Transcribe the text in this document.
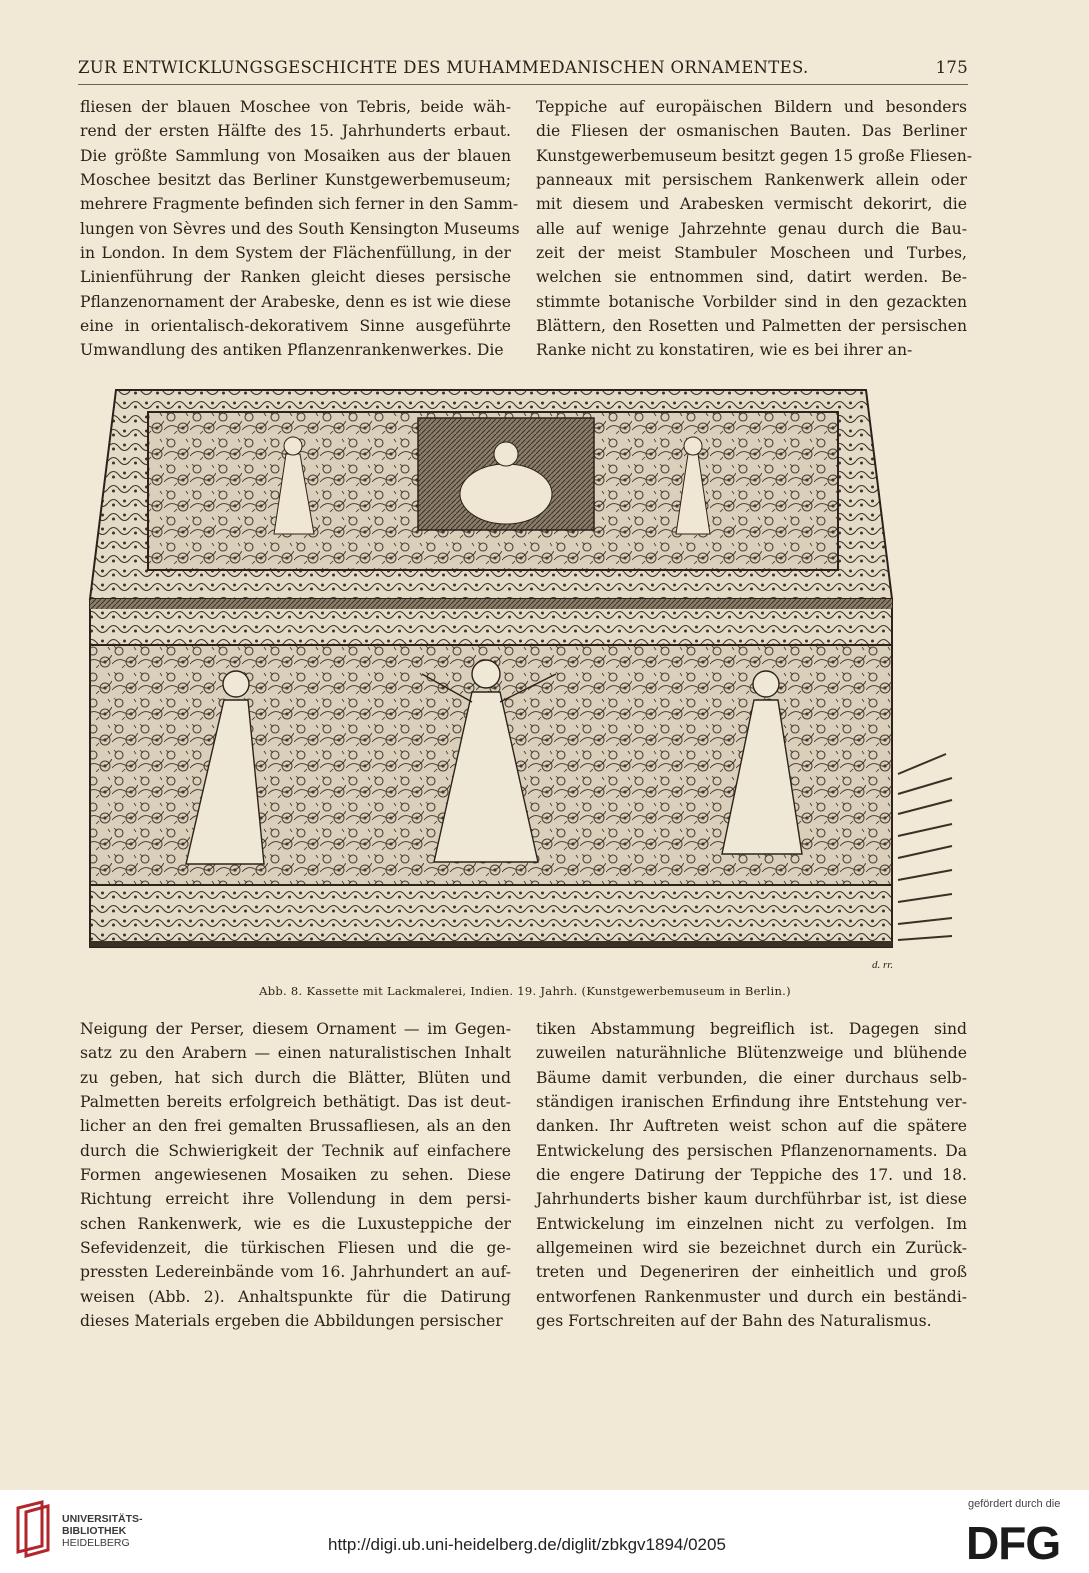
ZUR ENTWICKLUNGSGESCHICHTE DES MUHAMMEDANISCHEN ORNAMENTES.	175
fliesen der blauen Moschee von Tebris, beide wäh-
rend der ersten Hälfte des 15. Jahrhunderts erbaut.
Die größte Sammlung von Mosaiken aus der blauen
Moschee besitzt das Berliner Kunstgewerbemuseum;
mehrere Fragmente befinden sich ferner in den Samm-
lungen von Sèvres und des South Kensington Museums
in London. In dem System der Flächenfüllung, in der
Linienführung der Ranken gleicht dieses persische
Pflanzenornament der Arabeske, denn es ist wie diese
eine in orientalisch-dekorativem Sinne ausgeführte
Umwandlung des antiken Pflanzenrankenwerkes. Die
Teppiche auf europäischen Bildern und besonders
die Fliesen der osmanischen Bauten. Das Berliner
Kunstgewerbemuseum besitzt gegen 15 große Fliesen-
panneaux mit persischem Rankenwerk allein oder
mit diesem und Arabesken vermischt dekorirt, die
alle auf wenige Jahrzehnte genau durch die Bau-
zeit der meist Stambuler Moscheen und Turbes,
welchen sie entnommen sind, datirt werden. Be-
stimmte botanische Vorbilder sind in den gezackten
Blättern, den Rosetten und Palmetten der persischen
Ranke nicht zu konstatiren, wie es bei ihrer an-
d. rr.
Abb. 8. Kassette mit Lackmalerei, Indien. 19. Jahrh. (Kunstgewerbemuseum in Berlin.)
Neigung der Perser, diesem Ornament — im Gegen-
satz zu den Arabern — einen naturalistischen Inhalt
zu geben, hat sich durch die Blätter, Blüten und
Palmetten bereits erfolgreich bethätigt. Das ist deut-
licher an den frei gemalten Brussafliesen, als an den
durch die Schwierigkeit der Technik auf einfachere
Formen angewiesenen Mosaiken zu sehen. Diese
Richtung erreicht ihre Vollendung in dem persi-
schen Rankenwerk, wie es die Luxusteppiche der
Sefevidenzeit, die türkischen Fliesen und die ge-
pressten Ledereinbände vom 16. Jahrhundert an auf-
weisen (Abb. 2). Anhaltspunkte für die Datirung
dieses Materials ergeben die Abbildungen persischer
tiken Abstammung begreiflich ist. Dagegen sind
zuweilen naturähnliche Blütenzweige und blühende
Bäume damit verbunden, die einer durchaus selb-
ständigen iranischen Erfindung ihre Entstehung ver-
danken. Ihr Auftreten weist schon auf die spätere
Entwickelung des persischen Pflanzenornaments. Da
die engere Datirung der Teppiche des 17. und 18.
Jahrhunderts bisher kaum durchführbar ist, ist diese
Entwickelung im einzelnen nicht zu verfolgen. Im
allgemeinen wird sie bezeichnet durch ein Zurück-
treten und Degeneriren der einheitlich und groß
entworfenen Rankenmuster und durch ein beständi-
ges Fortschreiten auf der Bahn des Naturalismus.
UNIVERSITÄTS-
BIBLIOTHEK
HEIDELBERG	http://digi.ub.uni-heidelberg.de/diglit/zbkgv1894/0205
gefördert durch die
DFG
